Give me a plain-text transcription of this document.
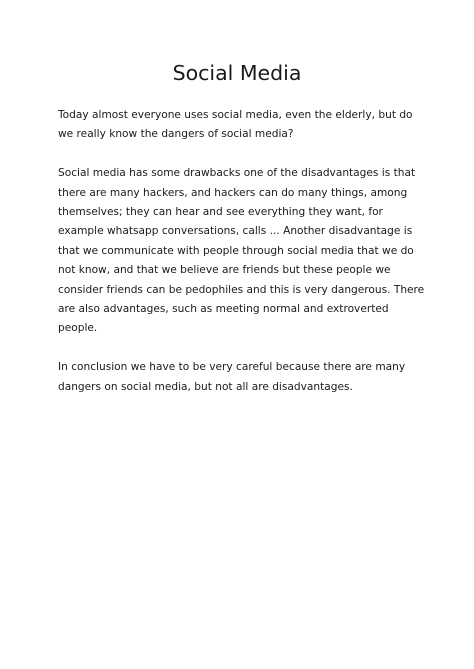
Social Media

Today almost everyone uses social media, even the elderly, but do
we really know the dangers of social media?

Social media has some drawbacks one of the disadvantages is that
there are many hackers, and hackers can do many things, among
themselves; they can hear and see everything they want, for
example whatsapp conversations, calls ... Another disadvantage is
that we communicate with people through social media that we do
not know, and that we believe are friends but these people we
consider friends can be pedophiles and this is very dangerous. There
are also advantages, such as meeting normal and extroverted
people.

In conclusion we have to be very careful because there are many
dangers on social media, but not all are disadvantages.
